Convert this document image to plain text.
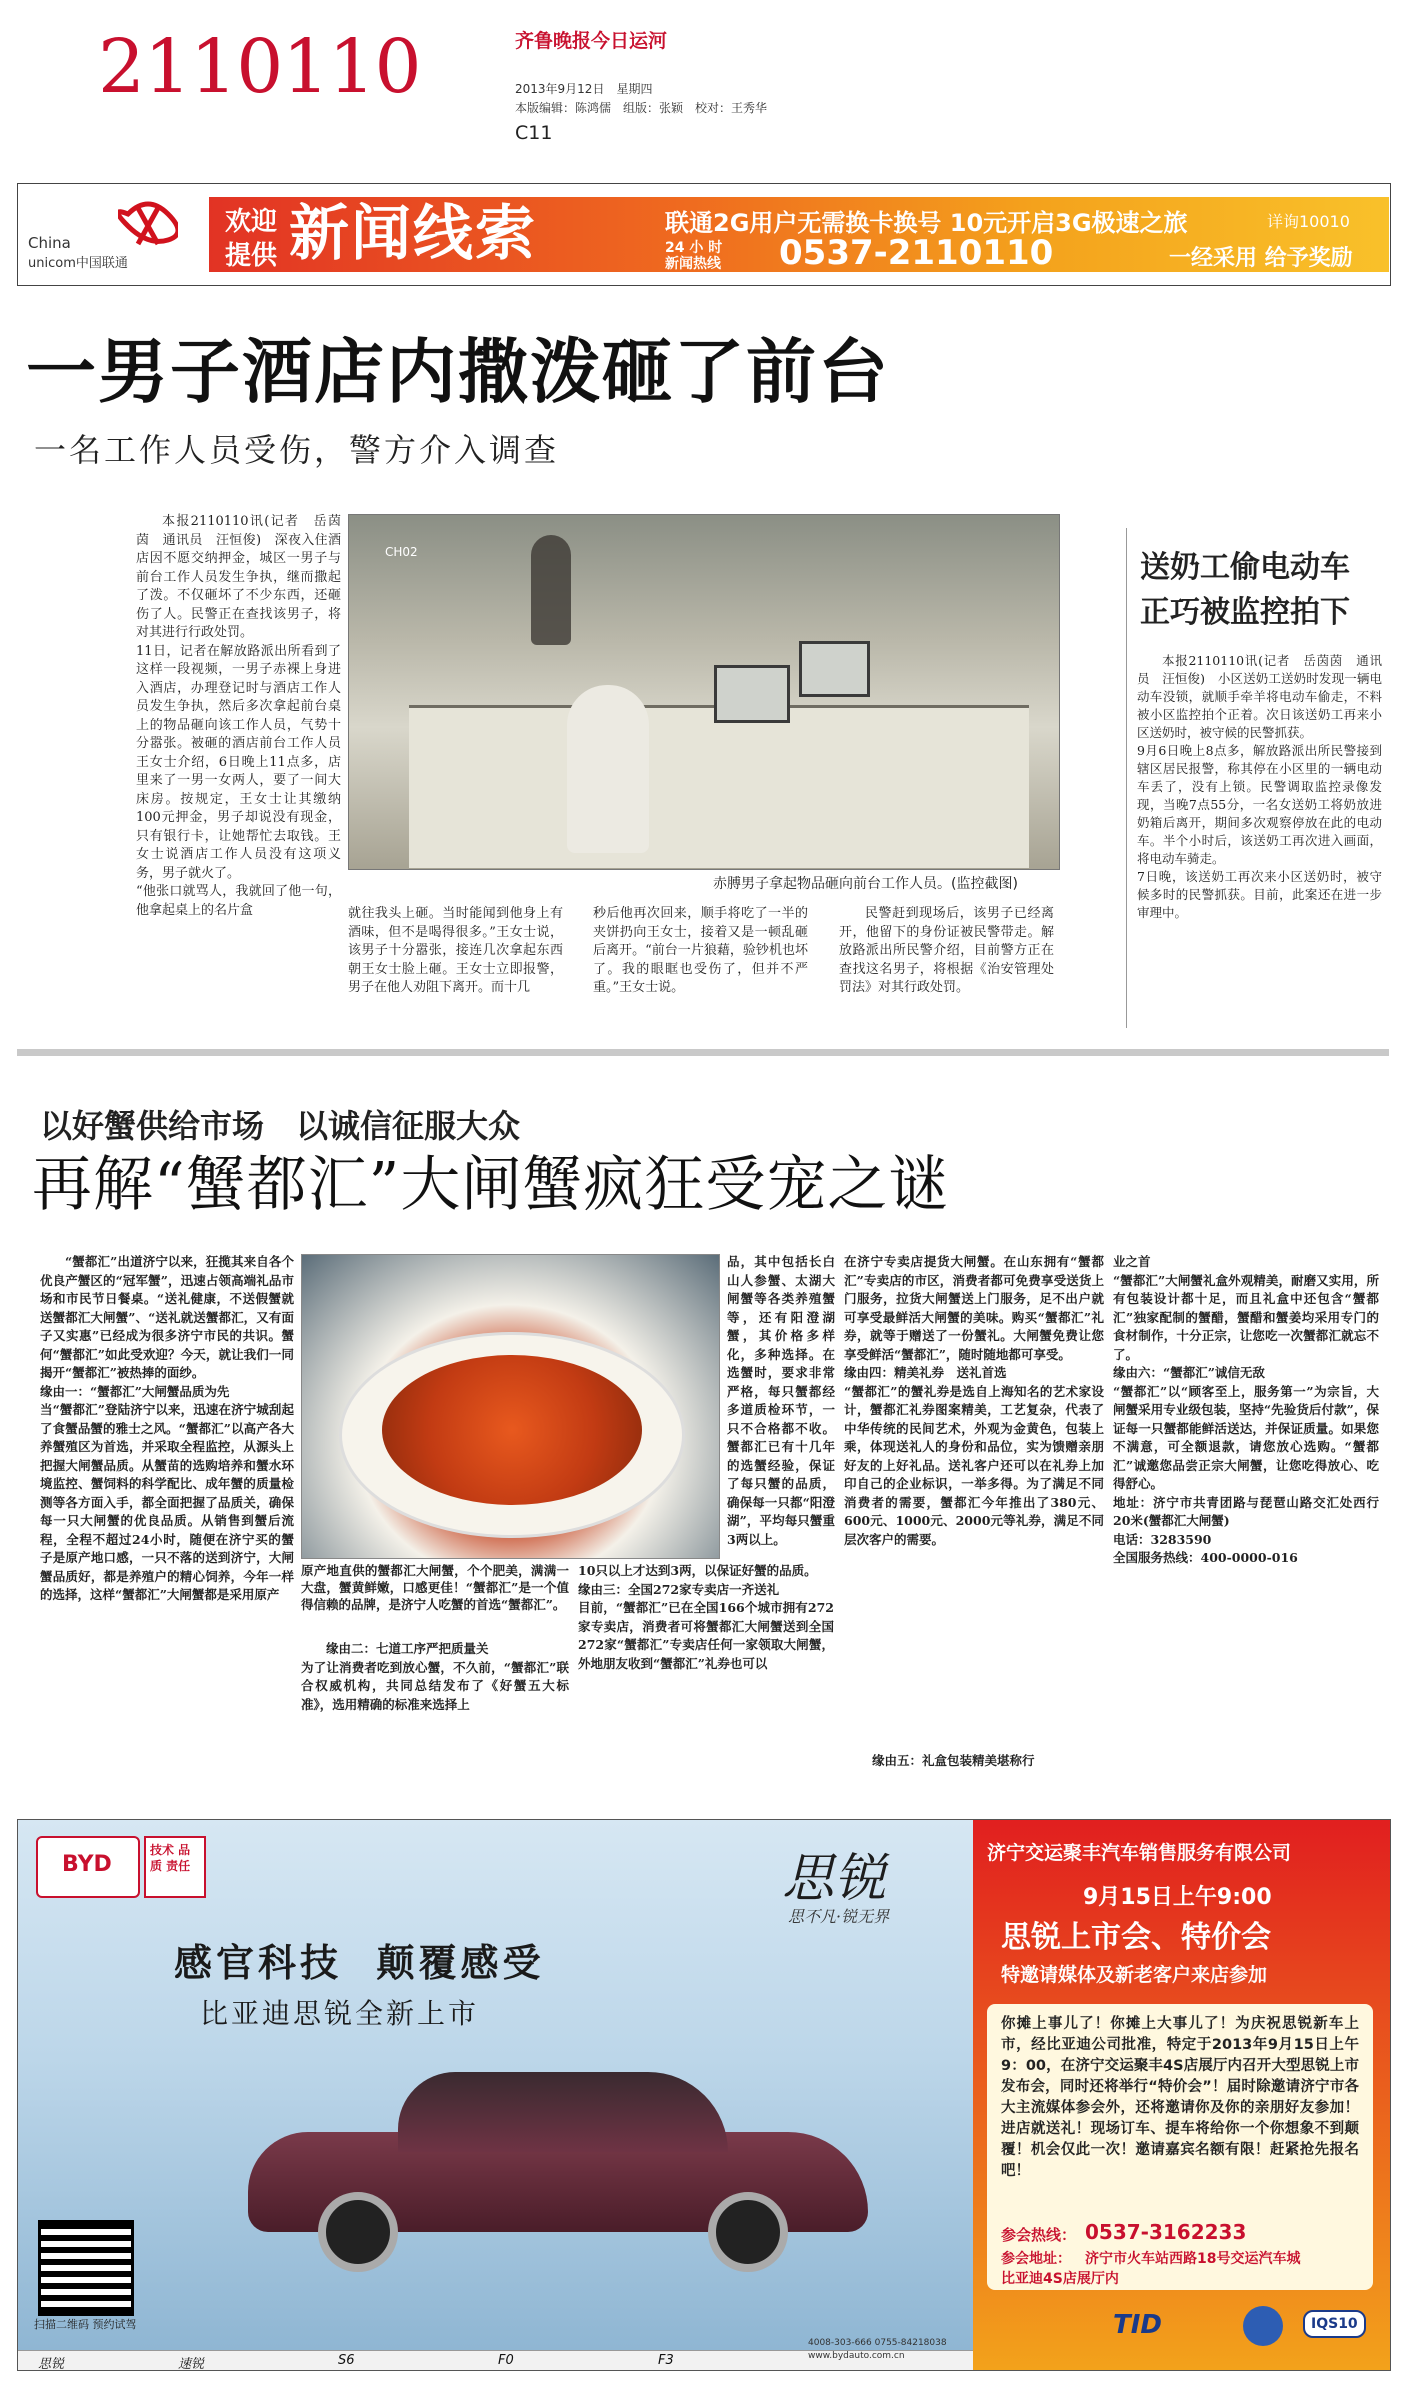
2110110	齐鲁晚报今日运河
2013年9月12日　星期四
本版编辑：陈鸿儒　组版：张颖　校对：王秀华
C11
China
unicom中国联通
欢迎
提供 新闻线索	联通2G用户无需换卡换号 10元开启3G极速之旅	详询10010
24 小 时
新闻热线 0537-2110110	一经采用 给予奖励
一男子酒店内撒泼砸了前台
一名工作人员受伤，警方介入调查
本报2110110讯(记者　岳茵茵　通讯员　汪恒俊)　深夜入住酒店因不愿交纳押金，城区一男子与前台工作人员发生争执，继而撒起了泼。不仅砸坏了不少东西，还砸伤了人。民警正在查找该男子，将对其进行行政处罚。
11日，记者在解放路派出所看到了这样一段视频，一男子赤裸上身进入酒店，办理登记时与酒店工作人员发生争执，然后多次拿起前台桌上的物品砸向该工作人员，气势十分嚣张。被砸的酒店前台工作人员王女士介绍，6日晚上11点多，店里来了一男一女两人，要了一间大床房。按规定，王女士让其缴纳100元押金，男子却说没有现金，只有银行卡，让她帮忙去取钱。王女士说酒店工作人员没有这项义务，男子就火了。
“他张口就骂人，我就回了他一句，他拿起桌上的名片盒
CH02
赤膊男子拿起物品砸向前台工作人员。(监控截图)
就往我头上砸。当时能闻到他身上有酒味，但不是喝得很多。”王女士说，该男子十分嚣张，接连几次拿起东西朝王女士脸上砸。王女士立即报警，男子在他人劝阻下离开。而十几
秒后他再次回来，顺手将吃了一半的夹饼扔向王女士，接着又是一顿乱砸后离开。“前台一片狼藉，验钞机也坏了。我的眼眶也受伤了，但并不严重。”王女士说。
民警赶到现场后，该男子已经离开，他留下的身份证被民警带走。解放路派出所民警介绍，目前警方正在查找这名男子，将根据《治安管理处罚法》对其行政处罚。
送奶工偷电动车
正巧被监控拍下
本报2110110讯(记者　岳茵茵　通讯员　汪恒俊)　小区送奶工送奶时发现一辆电动车没锁，就顺手牵羊将电动车偷走，不料被小区监控拍个正着。次日该送奶工再来小区送奶时，被守候的民警抓获。
9月6日晚上8点多，解放路派出所民警接到辖区居民报警，称其停在小区里的一辆电动车丢了，没有上锁。民警调取监控录像发现，当晚7点55分，一名女送奶工将奶放进奶箱后离开，期间多次观察停放在此的电动车。半个小时后，该送奶工再次进入画面，将电动车骑走。
7日晚，该送奶工再次来小区送奶时，被守候多时的民警抓获。目前，此案还在进一步审理中。
以好蟹供给市场　以诚信征服大众
再解“蟹都汇”大闸蟹疯狂受宠之谜
“蟹都汇”出道济宁以来，狂揽其来自各个优良产蟹区的“冠军蟹”，迅速占领高端礼品市场和市民节日餐桌。“送礼健康，不送假蟹就送蟹都汇大闸蟹”、“送礼就送蟹都汇，又有面子又实惠”已经成为很多济宁市民的共识。蟹何“蟹都汇”如此受欢迎？今天，就让我们一同揭开“蟹都汇”被热捧的面纱。
缘由一：“蟹都汇”大闸蟹品质为先
当“蟹都汇”登陆济宁以来，迅速在济宁城刮起了食蟹品蟹的雅士之风。“蟹都汇”以高产各大养蟹殖区为首选，并采取全程监控，从源头上把握大闸蟹品质。从蟹苗的选购培养和蟹水环境监控、蟹饲料的科学配比、成年蟹的质量检测等各方面入手，都全面把握了品质关，确保每一只大闸蟹的优良品质。从销售到蟹后流程，全程不超过24小时，随便在济宁买的蟹子是原产地口感，一只不落的送到济宁，大闸蟹品质好，都是养殖户的精心饲养，今年一样的选择，这样“蟹都汇”大闸蟹都是采用原产
原产地直供的蟹都汇大闸蟹，个个肥美，满满一大盘，蟹黄鲜嫩，口感更佳！“蟹都汇”是一个值得信赖的品牌，是济宁人吃蟹的首选“蟹都汇”。
品，其中包括长白山人参蟹、太湖大闸蟹等各类养殖蟹等，还有阳澄湖蟹，其价格多样化，多种选择。在选蟹时，要求非常严格，每只蟹都经多道质检环节，一只不合格都不收。蟹都汇已有十几年的选蟹经验，保证了每只蟹的品质，确保每一只都“阳澄湖”，平均每只蟹重3两以上。
缘由二：七道工序严把质量关
为了让消费者吃到放心蟹，不久前，“蟹都汇”联合权威机构，共同总结发布了《好蟹五大标准》，选用精确的标准来选择上
10只以上才达到3两，以保证好蟹的品质。
缘由三：全国272家专卖店一齐送礼
目前，“蟹都汇”已在全国166个城市拥有272家专卖店，消费者可将蟹都汇大闸蟹送到全国272家“蟹都汇”专卖店任何一家领取大闸蟹，外地朋友收到“蟹都汇”礼券也可以
在济宁专卖店提货大闸蟹。在山东拥有“蟹都汇”专卖店的市区，消费者都可免费享受送货上门服务，拉货大闸蟹送上门服务，足不出户就可享受最鲜活大闸蟹的美味。购买“蟹都汇”礼券，就等于赠送了一份蟹礼。大闸蟹免费让您享受鲜活“蟹都汇”，随时随地都可享受。
缘由四：精美礼券　送礼首选
“蟹都汇”的蟹礼券是选自上海知名的艺术家设计，蟹都汇礼券图案精美，工艺复杂，代表了中华传统的民间艺术，外观为金黄色，包装上乘，体现送礼人的身份和品位，实为馈赠亲朋好友的上好礼品。送礼客户还可以在礼券上加印自己的企业标识，一举多得。为了满足不同消费者的需要，蟹都汇今年推出了380元、600元、1000元、2000元等礼券，满足不同层次客户的需要。
缘由五：礼盒包装精美堪称行
业之首
“蟹都汇”大闸蟹礼盒外观精美，耐磨又实用，所有包装设计都十足，而且礼盒中还包含“蟹都汇”独家配制的蟹醋，蟹醋和蟹姜均采用专门的食材制作，十分正宗，让您吃一次蟹都汇就忘不了。
缘由六：“蟹都汇”诚信无敌
“蟹都汇”以“顾客至上，服务第一”为宗旨，大闸蟹采用专业级包装，坚持“先验货后付款”，保证每一只蟹都能鲜活送达，并保证质量。如果您不满意，可全额退款，请您放心选购。“蟹都汇”诚邀您品尝正宗大闸蟹，让您吃得放心、吃得舒心。
地址：济宁市共青团路与琵琶山路交汇处西行20米(蟹都汇大闸蟹)
电话：3283590
全国服务热线：400-0000-016
BYD
技术 品质 责任	思锐
思不凡·锐无界
感官科技  颠覆感受
比亚迪思锐全新上市
扫描二维码 预约试驾
思锐	速锐	S6	F0	F3
4008-303-666 0755-84218038
www.bydauto.com.cn
济宁交运聚丰汽车销售服务有限公司
9月15日上午9:00
思锐上市会、特价会
特邀请媒体及新老客户来店参加
你摊上事儿了！你摊上大事儿了！为庆祝思锐新车上市，经比亚迪公司批准，特定于2013年9月15日上午9：00，在济宁交运聚丰4S店展厅内召开大型思锐上市发布会，同时还将举行“特价会”！届时除邀请济宁市各大主流媒体参会外，还将邀请你及你的亲朋好友参加！进店就送礼！现场订车、提车将给你一个你想象不到颠覆！机会仅此一次！邀请嘉宾名额有限！赶紧抢先报名吧！
参会热线： 0537-3162233
参会地址： 济宁市火车站西路18号交运汽车城
比亚迪4S店展厅内
TID	IQS10
